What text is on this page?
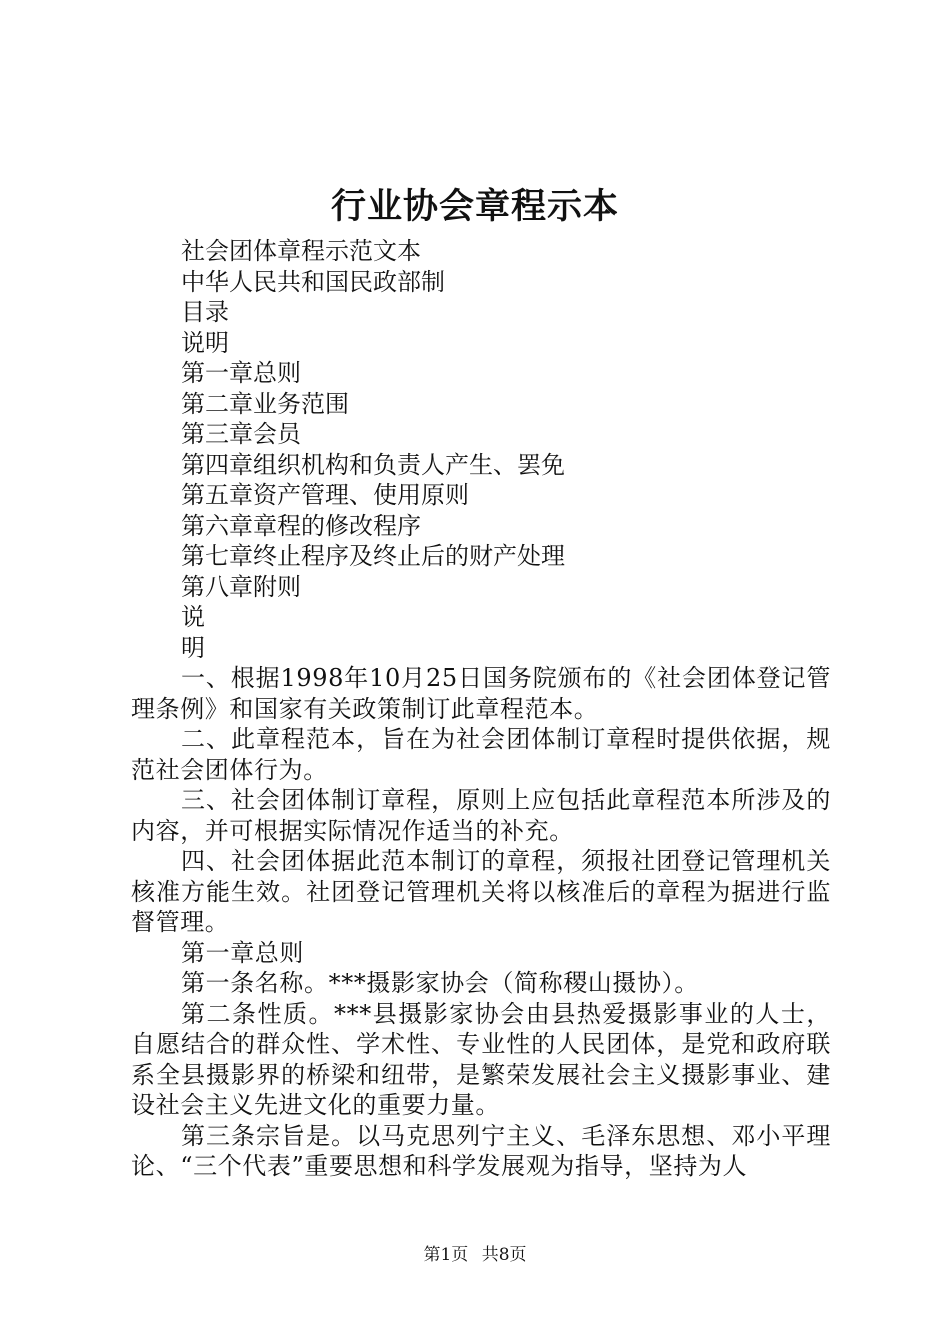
行业协会章程示本

社会团体章程示范文本

中华人民共和国民政部制

目录

说明

第一章总则

第二章业务范围

第三章会员

第四章组织机构和负责人产生、罢免

第五章资产管理、使用原则

第六章章程的修改程序

第七章终止程序及终止后的财产处理

第八章附则

说

明

一、根据1998年10月25日国务院颁布的《社会团体登记管理条例》和国家有关政策制订此章程范本。

二、此章程范本，旨在为社会团体制订章程时提供依据，规范社会团体行为。

三、社会团体制订章程，原则上应包括此章程范本所涉及的内容，并可根据实际情况作适当的补充。

四、社会团体据此范本制订的章程，须报社团登记管理机关核准方能生效。社团登记管理机关将以核准后的章程为据进行监督管理。

第一章总则

第一条名称。***摄影家协会（简称稷山摄协）。

第二条性质。***县摄影家协会由县热爱摄影事业的人士，自愿结合的群众性、学术性、专业性的人民团体，是党和政府联系全县摄影界的桥梁和纽带，是繁荣发展社会主义摄影事业、建设社会主义先进文化的重要力量。

第三条宗旨是。以马克思列宁主义、毛泽东思想、邓小平理论、“三个代表”重要思想和科学发展观为指导，坚持为人

第1页 共8页
